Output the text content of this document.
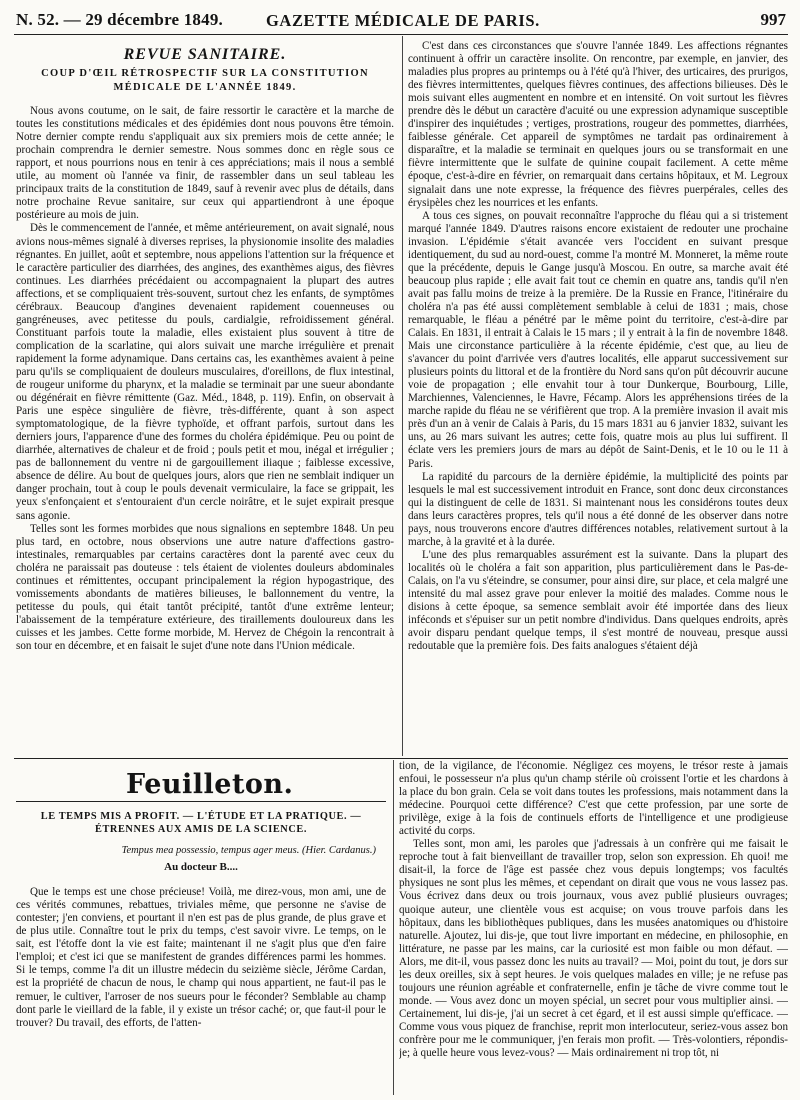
N. 52. — 29 décembre 1849.	GAZETTE MÉDICALE DE PARIS.	997
REVUE SANITAIRE.
COUP D'ŒIL RÉTROSPECTIF SUR LA CONSTITUTION MÉDICALE DE L'ANNÉE 1849.

Nous avons coutume, on le sait, de faire ressortir le caractère et la marche de toutes les constitutions médicales et des épidémies dont nous pouvons être témoin. Notre dernier compte rendu s'appliquait aux six premiers mois de cette année; le prochain comprendra le dernier semestre. Nous sommes donc en règle sous ce rapport, et nous pourrions nous en tenir à ces appréciations; mais il nous a semblé utile, au moment où l'année va finir, de rassembler dans un seul tableau les principaux traits de la constitution de 1849, sauf à revenir avec plus de détails, dans notre prochaine Revue sanitaire, sur ceux qui appartiendront à une époque postérieure au mois de juin.

Dès le commencement de l'année, et même antérieurement, on avait signalé, nous avions nous-mêmes signalé à diverses reprises, la physionomie insolite des maladies régnantes. En juillet, août et septembre, nous appelions l'attention sur la fréquence et le caractère particulier des diarrhées, des angines, des exanthèmes aigus, des fièvres continues. Les diarrhées précédaient ou accompagnaient la plupart des autres affections, et se compliquaient très-souvent, surtout chez les enfants, de symptômes cérébraux. Beaucoup d'angines devenaient rapidement couenneuses ou gangréneuses, avec petitesse du pouls, cardialgie, refroidissement général. Constituant parfois toute la maladie, elles existaient plus souvent à titre de complication de la scarlatine, qui alors suivait une marche irrégulière et prenait rapidement la forme adynamique. Dans certains cas, les exanthèmes avaient à peine paru qu'ils se compliquaient de douleurs musculaires, d'oreillons, de flux intestinal, de rougeur uniforme du pharynx, et la maladie se terminait par une sueur abondante ou dégénérait en fièvre rémittente (Gaz. Méd., 1848, p. 119). Enfin, on observait à Paris une espèce singulière de fièvre, très-différente, quant à son aspect symptomatologique, de la fièvre typhoïde, et offrant parfois, surtout dans les derniers jours, l'apparence d'une des formes du choléra épidémique. Peu ou point de diarrhée, alternatives de chaleur et de froid ; pouls petit et mou, inégal et irrégulier ; pas de ballonnement du ventre ni de gargouillement iliaque ; faiblesse excessive, absence de délire. Au bout de quelques jours, alors que rien ne semblait indiquer un danger prochain, tout à coup le pouls devenait vermiculaire, la face se grippait, les yeux s'enfonçaient et s'entouraient d'un cercle noirâtre, et le sujet expirait presque sans agonie.

Telles sont les formes morbides que nous signalions en septembre 1848. Un peu plus tard, en octobre, nous observions une autre nature d'affections gastro-intestinales, remarquables par certains caractères dont la parenté avec ceux du choléra ne paraissait pas douteuse : tels étaient de violentes douleurs abdominales continues et rémittentes, occupant principalement la région hypogastrique, des vomissements abondants de matières bilieuses, le ballonnement du ventre, la petitesse du pouls, qui était tantôt précipité, tantôt d'une extrême lenteur; l'abaissement de la température extérieure, des tiraillements douloureux dans les cuisses et les jambes. Cette forme morbide, M. Hervez de Chégoin la rencontrait à son tour en décembre, et en faisait le sujet d'une note dans l'Union médicale.

C'est dans ces circonstances que s'ouvre l'année 1849. Les affections régnantes continuent à offrir un caractère insolite. On rencontre, par exemple, en janvier, des maladies plus propres au printemps ou à l'été qu'à l'hiver, des urticaires, des prurigos, des fièvres intermittentes, quelques fièvres continues, des affections bilieuses. Dès le mois suivant elles augmentent en nombre et en intensité. On voit surtout les fièvres prendre dès le début un caractère d'acuité ou une expression adynamique susceptible d'inspirer des inquiétudes ; vertiges, prostrations, rougeur des pommettes, diarrhées, faiblesse générale. Cet appareil de symptômes ne tardait pas ordinairement à disparaître, et la maladie se terminait en quelques jours ou se transformait en une fièvre intermittente que le sulfate de quinine coupait facilement. A cette même époque, c'est-à-dire en février, on remarquait dans certains hôpitaux, et M. Legroux signalait dans une note expresse, la fréquence des fièvres puerpérales, celles des érysipèles chez les nourrices et les enfants.

A tous ces signes, on pouvait reconnaître l'approche du fléau qui a si tristement marqué l'année 1849. D'autres raisons encore existaient de redouter une prochaine invasion. L'épidémie s'était avancée vers l'occident en suivant presque identiquement, du sud au nord-ouest, comme l'a montré M. Monneret, la même route que la précédente, depuis le Gange jusqu'à Moscou. En outre, sa marche avait été beaucoup plus rapide ; elle avait fait tout ce chemin en quatre ans, tandis qu'il n'en avait pas fallu moins de treize à la première. De la Russie en France, l'itinéraire du choléra n'a pas été aussi complètement semblable à celui de 1831 ; mais, chose remarquable, le fléau a pénétré par le même point du territoire, c'est-à-dire par Calais. En 1831, il entrait à Calais le 15 mars ; il y entrait à la fin de novembre 1848. Mais une circonstance particulière à la récente épidémie, c'est que, au lieu de s'avancer du point d'arrivée vers d'autres localités, elle apparut successivement sur plusieurs points du littoral et de la frontière du Nord sans qu'on pût découvrir aucune voie de propagation ; elle envahit tour à tour Dunkerque, Bourbourg, Lille, Marchiennes, Valenciennes, le Havre, Fécamp. Alors les appréhensions tirées de la marche rapide du fléau ne se vérifièrent que trop. A la première invasion il avait mis près d'un an à venir de Calais à Paris, du 15 mars 1831 au 6 janvier 1832, suivant les uns, au 26 mars suivant les autres; cette fois, quatre mois au plus lui suffirent. Il éclate vers les premiers jours de mars au dépôt de Saint-Denis, et le 10 ou le 11 à Paris.

La rapidité du parcours de la dernière épidémie, la multiplicité des points par lesquels le mal est successivement introduit en France, sont donc deux circonstances qui la distinguent de celle de 1831. Si maintenant nous les considérons toutes deux dans leurs caractères propres, tels qu'il nous a été donné de les observer dans notre pays, nous trouverons encore d'autres différences notables, relativement surtout à la marche, à la gravité et à la durée.

L'une des plus remarquables assurément est la suivante. Dans la plupart des localités où le choléra a fait son apparition, plus particulièrement dans le Pas-de-Calais, on l'a vu s'éteindre, se consumer, pour ainsi dire, sur place, et cela malgré une intensité du mal assez grave pour enlever la moitié des malades. Comme nous le disions à cette époque, sa semence semblait avoir été importée dans des lieux inféconds et s'épuiser sur un petit nombre d'individus. Dans quelques endroits, après avoir disparu pendant quelque temps, il s'est montré de nouveau, presque aussi redoutable que la première fois. Des faits analogues s'étaient déjà

Feuilleton.
LE TEMPS MIS A PROFIT. — L'ÉTUDE ET LA PRATIQUE. — ÉTRENNES AUX AMIS DE LA SCIENCE.
Tempus mea possessio, tempus ager meus. (Hier. Cardanus.)
Au docteur B....

Que le temps est une chose précieuse! Voilà, me direz-vous, mon ami, une de ces vérités communes, rebattues, triviales même, que personne ne s'avise de contester; j'en conviens, et pourtant il n'en est pas de plus grande, de plus grave et de plus utile. Connaître tout le prix du temps, c'est savoir vivre. Le temps, on le sait, est l'étoffe dont la vie est faite; maintenant il ne s'agit plus que d'en faire l'emploi; et c'est ici que se manifestent de grandes différences parmi les hommes. Si le temps, comme l'a dit un illustre médecin du seizième siècle, Jérôme Cardan, est la propriété de chacun de nous, le champ qui nous appartient, ne faut-il pas le remuer, le cultiver, l'arroser de nos sueurs pour le féconder? Semblable au champ dont parle le vieillard de la fable, il y existe un trésor caché; or, que faut-il pour le trouver? Du travail, des efforts, de l'atten-

tion, de la vigilance, de l'économie. Négligez ces moyens, le trésor reste à jamais enfoui, le possesseur n'a plus qu'un champ stérile où croissent l'ortie et les chardons à la place du bon grain. Cela se voit dans toutes les professions, mais notamment dans la médecine. Pourquoi cette différence? C'est que cette profession, par une sorte de privilège, exige à la fois de continuels efforts de l'intelligence et une prodigieuse activité du corps.

Telles sont, mon ami, les paroles que j'adressais à un confrère qui me faisait le reproche tout à fait bienveillant de travailler trop, selon son expression. Eh quoi! me disait-il, la force de l'âge est passée chez vous depuis longtemps; vos facultés physiques ne sont plus les mêmes, et cependant on dirait que vous ne vous lassez pas. Vous écrivez dans deux ou trois journaux, vous avez publié plusieurs ouvrages; quoique auteur, une clientèle vous est acquise; on vous trouve parfois dans les hôpitaux, dans les bibliothèques publiques, dans les musées anatomiques ou d'histoire naturelle. Ajoutez, lui dis-je, que tout livre important en médecine, en philosophie, en littérature, ne passe par les mains, car la curiosité est mon faible ou mon défaut. — Alors, me dit-il, vous passez donc les nuits au travail? — Moi, point du tout, je dors sur les deux oreilles, six à sept heures. Je vois quelques malades en ville; je ne refuse pas toujours une réunion agréable et confraternelle, enfin je tâche de vivre comme tout le monde. — Vous avez donc un moyen spécial, un secret pour vous multiplier ainsi. — Certainement, lui dis-je, j'ai un secret à cet égard, et il est aussi simple qu'efficace. — Comme vous vous piquez de franchise, reprit mon interlocuteur, seriez-vous assez bon confrère pour me le communiquer, j'en ferais mon profit. — Très-volontiers, répondis-je; à quelle heure vous levez-vous? — Mais ordinairement ni trop tôt, ni
